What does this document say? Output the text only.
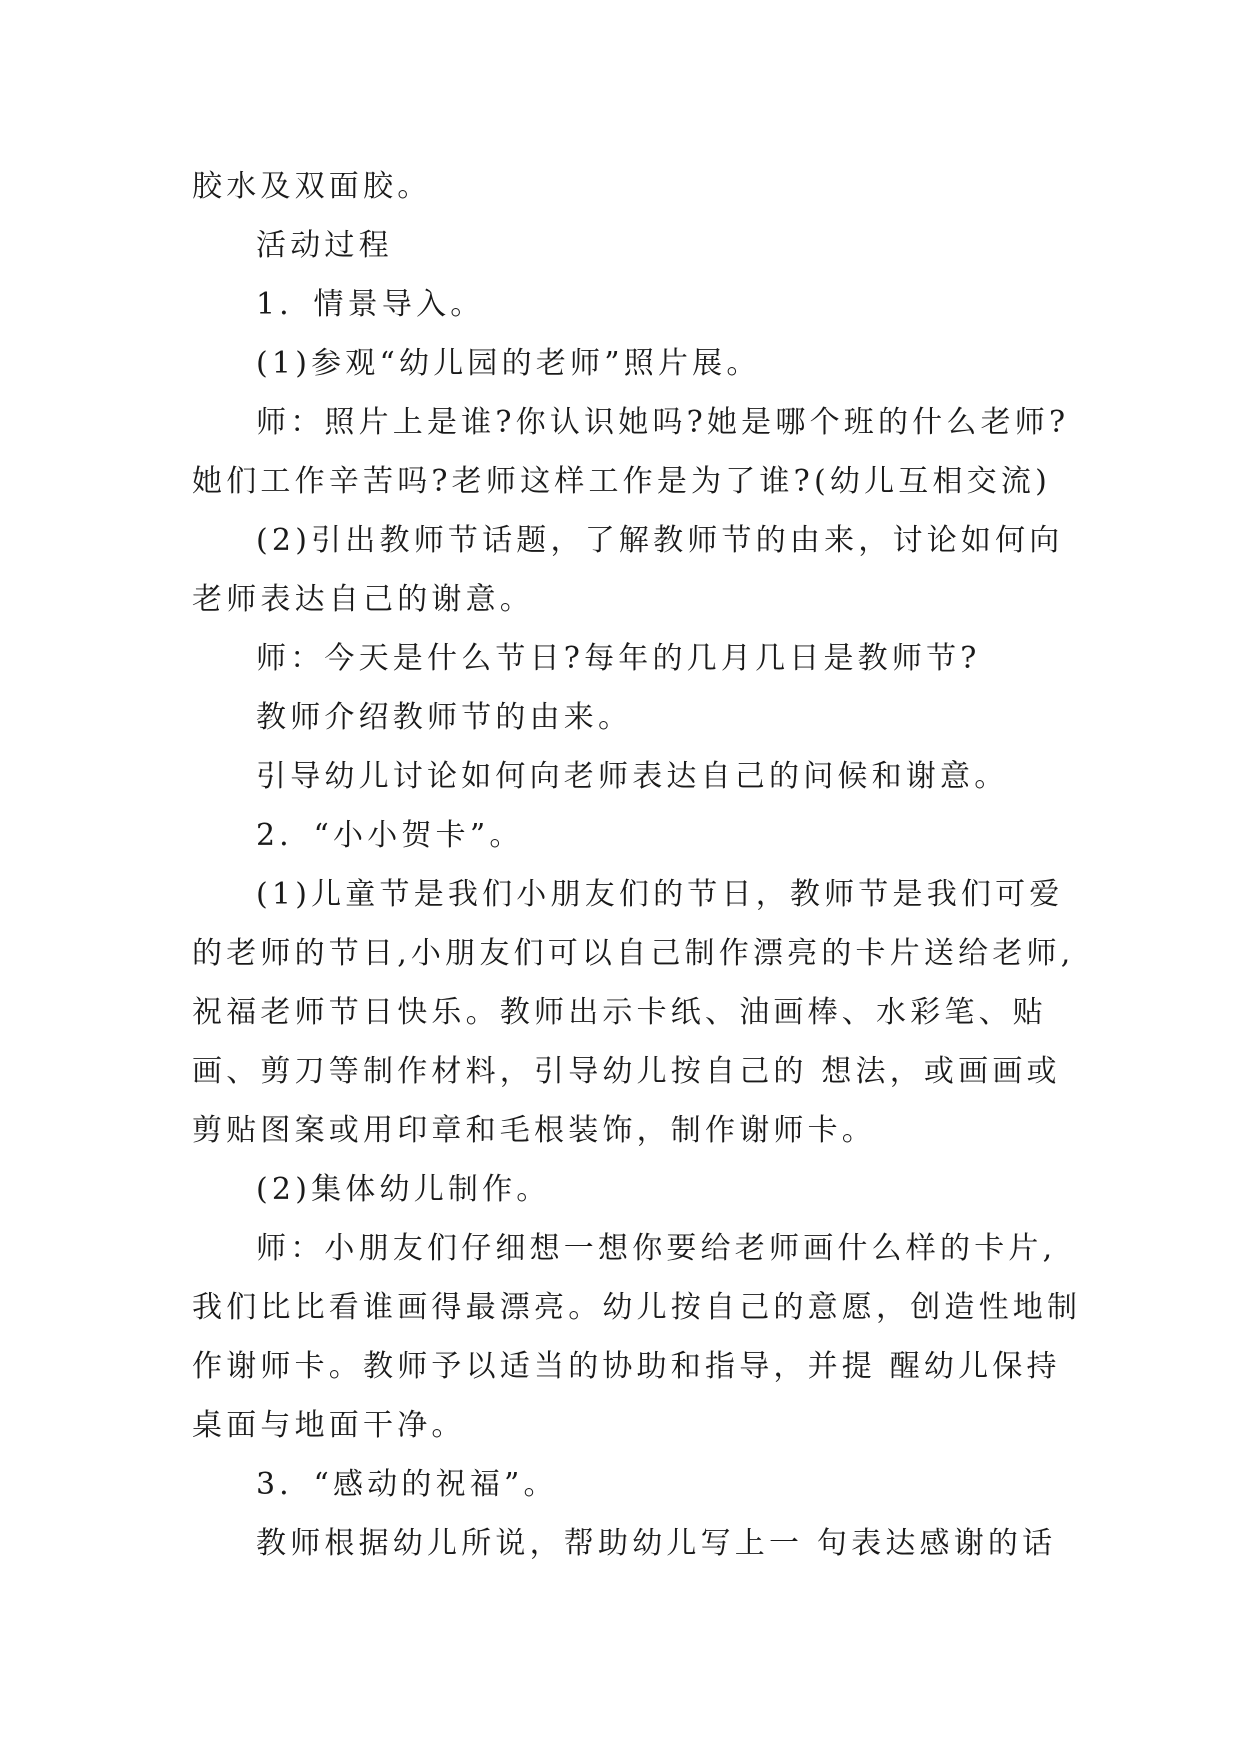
胶水及双面胶。
活动过程
1．情景导入。
(1)参观“幼儿园的老师”照片展。
师：照片上是谁?你认识她吗?她是哪个班的什么老师?
她们工作辛苦吗?老师这样工作是为了谁?(幼儿互相交流)
(2)引出教师节话题，了解教师节的由来，讨论如何向
老师表达自己的谢意。
师：今天是什么节日?每年的几月几日是教师节?
教师介绍教师节的由来。
引导幼儿讨论如何向老师表达自己的问候和谢意。
2．“小小贺卡”。
(1)儿童节是我们小朋友们的节日，教师节是我们可爱
的老师的节日,小朋友们可以自己制作漂亮的卡片送给老师,
祝福老师节日快乐。教师出示卡纸、油画棒、水彩笔、贴
画、剪刀等制作材料，引导幼儿按自己的 想法，或画画或
剪贴图案或用印章和毛根装饰，制作谢师卡。
(2)集体幼儿制作。
师：小朋友们仔细想一想你要给老师画什么样的卡片,
我们比比看谁画得最漂亮。幼儿按自己的意愿，创造性地制
作谢师卡。教师予以适当的协助和指导，并提 醒幼儿保持
桌面与地面干净。
3．“感动的祝福”。
教师根据幼儿所说，帮助幼儿写上一 句表达感谢的话
